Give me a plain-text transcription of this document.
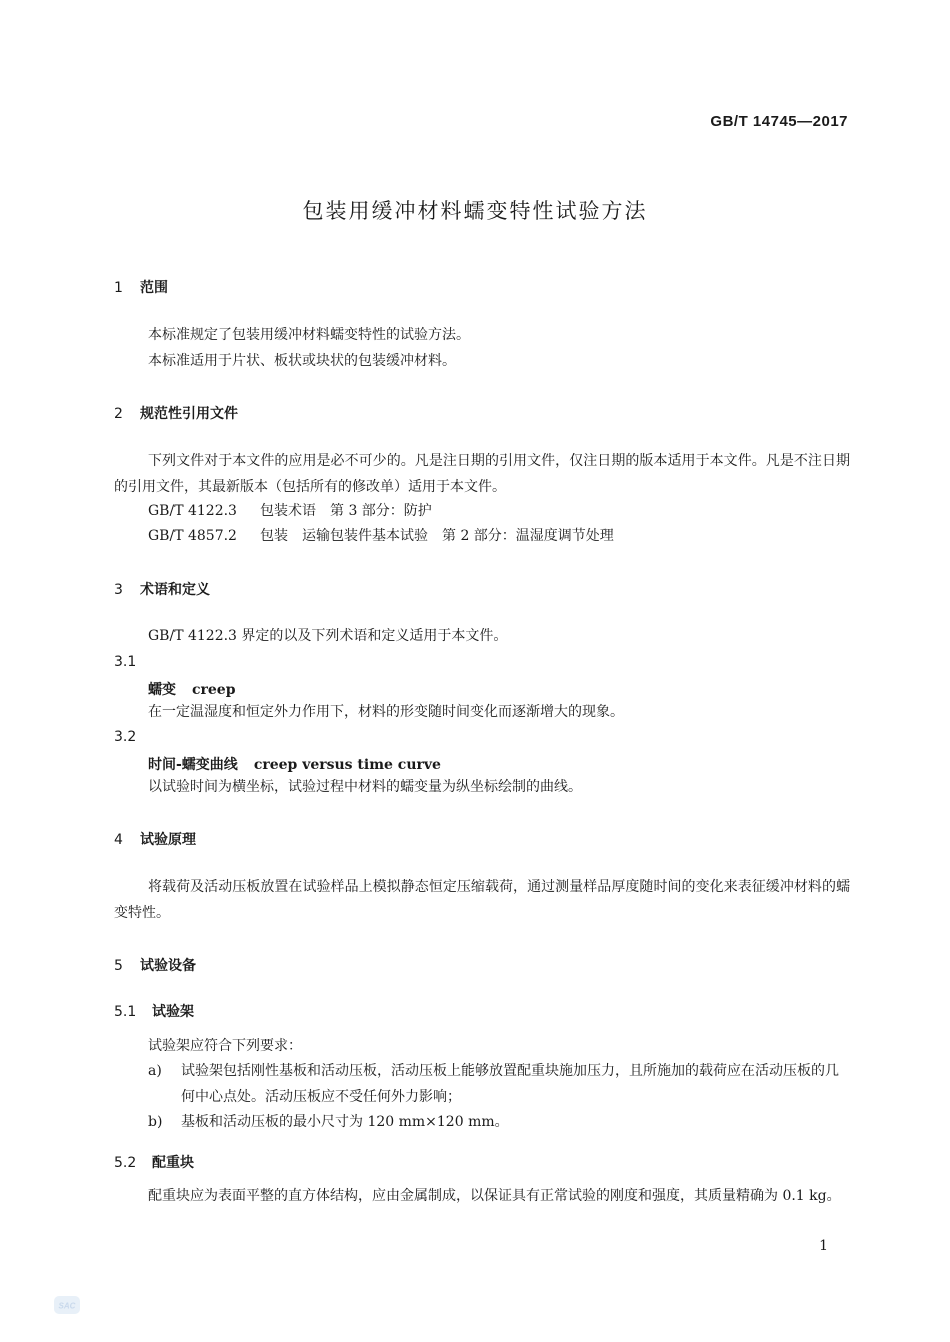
GB/T 14745—2017
包装用缓冲材料蠕变特性试验方法
1 范围
本标准规定了包装用缓冲材料蠕变特性的试验方法。
本标准适用于片状、板状或块状的包装缓冲材料。
2 规范性引用文件
下列文件对于本文件的应用是必不可少的。凡是注日期的引用文件，仅注日期的版本适用于本文件。凡是不注日期的引用文件，其最新版本（包括所有的修改单）适用于本文件。
GB/T 4122.3 包装术语　第 3 部分：防护
GB/T 4857.2 包装　运输包装件基本试验　第 2 部分：温湿度调节处理
3 术语和定义
GB/T 4122.3 界定的以及下列术语和定义适用于本文件。
3.1
蠕变 creep
在一定温湿度和恒定外力作用下，材料的形变随时间变化而逐渐增大的现象。
3.2
时间-蠕变曲线 creep versus time curve
以试验时间为横坐标，试验过程中材料的蠕变量为纵坐标绘制的曲线。
4 试验原理
将载荷及活动压板放置在试验样品上模拟静态恒定压缩载荷，通过测量样品厚度随时间的变化来表征缓冲材料的蠕变特性。
5 试验设备
5.1 试验架
试验架应符合下列要求：
a) 试验架包括刚性基板和活动压板，活动压板上能够放置配重块施加压力，且所施加的载荷应在活动压板的几何中心点处。活动压板应不受任何外力影响；
b) 基板和活动压板的最小尺寸为 120 mm×120 mm。
5.2 配重块
配重块应为表面平整的直方体结构，应由金属制成，以保证具有正常试验的刚度和强度，其质量精确为 0.1 kg。
1
SAC
